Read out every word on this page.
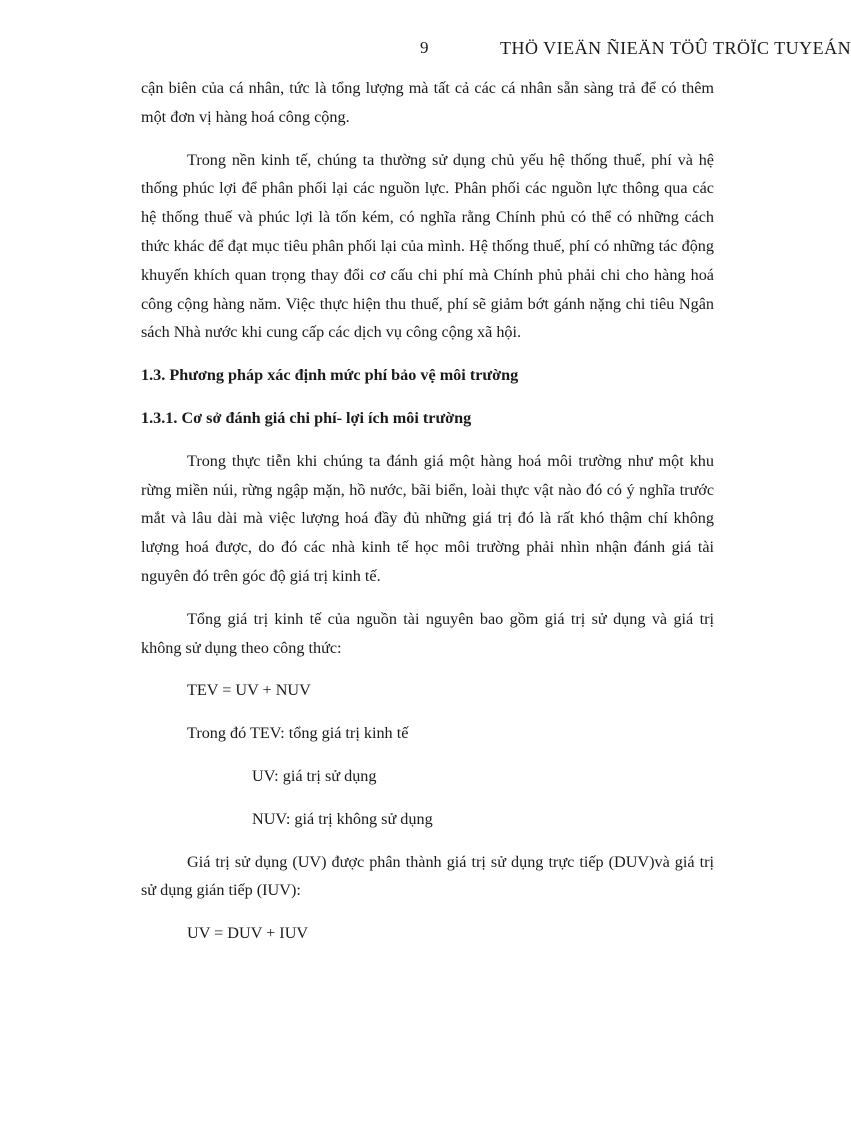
9	THÖ VIEÄN ÑIEÄN TÖÛ TRÖÏC TUYEÁN

cận biên của cá nhân, tức là tổng lượng mà tất cả các cá nhân sẵn sàng trả để có thêm một đơn vị hàng hoá công cộng.

Trong nền kinh tế, chúng ta thường sử dụng chủ yếu hệ thống thuế, phí và hệ thống phúc lợi để phân phối lại các nguồn lực. Phân phối các nguồn lực thông qua các hệ thống thuế và phúc lợi là tốn kém, có nghĩa rằng Chính phủ có thể có những cách thức khác để đạt mục tiêu phân phối lại của mình. Hệ thống thuế, phí có những tác động khuyến khích quan trọng thay đổi cơ cấu chi phí mà Chính phủ phải chi cho hàng hoá công cộng hàng năm. Việc thực hiện thu thuế, phí sẽ giảm bớt gánh nặng chi tiêu Ngân sách Nhà nước khi cung cấp các dịch vụ công cộng xã hội.

1.3. Phương pháp xác định mức phí bảo vệ môi trường
1.3.1. Cơ sở đánh giá chi phí- lợi ích môi trường

Trong thực tiễn khi chúng ta đánh giá một hàng hoá môi trường như một khu rừng miền núi, rừng ngập mặn, hồ nước, bãi biển, loài thực vật nào đó có ý nghĩa trước mắt và lâu dài mà việc lượng hoá đầy đủ những giá trị đó là rất khó thậm chí không lượng hoá được, do đó các nhà kinh tế học môi trường phải nhìn nhận đánh giá tài nguyên đó trên góc độ giá trị kinh tế.

Tổng giá trị kinh tế của nguồn tài nguyên bao gồm giá trị sử dụng và giá trị không sử dụng theo công thức:

TEV = UV + NUV

Trong đó TEV: tổng giá trị kinh tế

UV: giá trị sử dụng

NUV: giá trị không sử dụng

Giá trị sử dụng (UV) được phân thành giá trị sử dụng trực tiếp (DUV)và giá trị sử dụng gián tiếp (IUV):

UV = DUV + IUV
